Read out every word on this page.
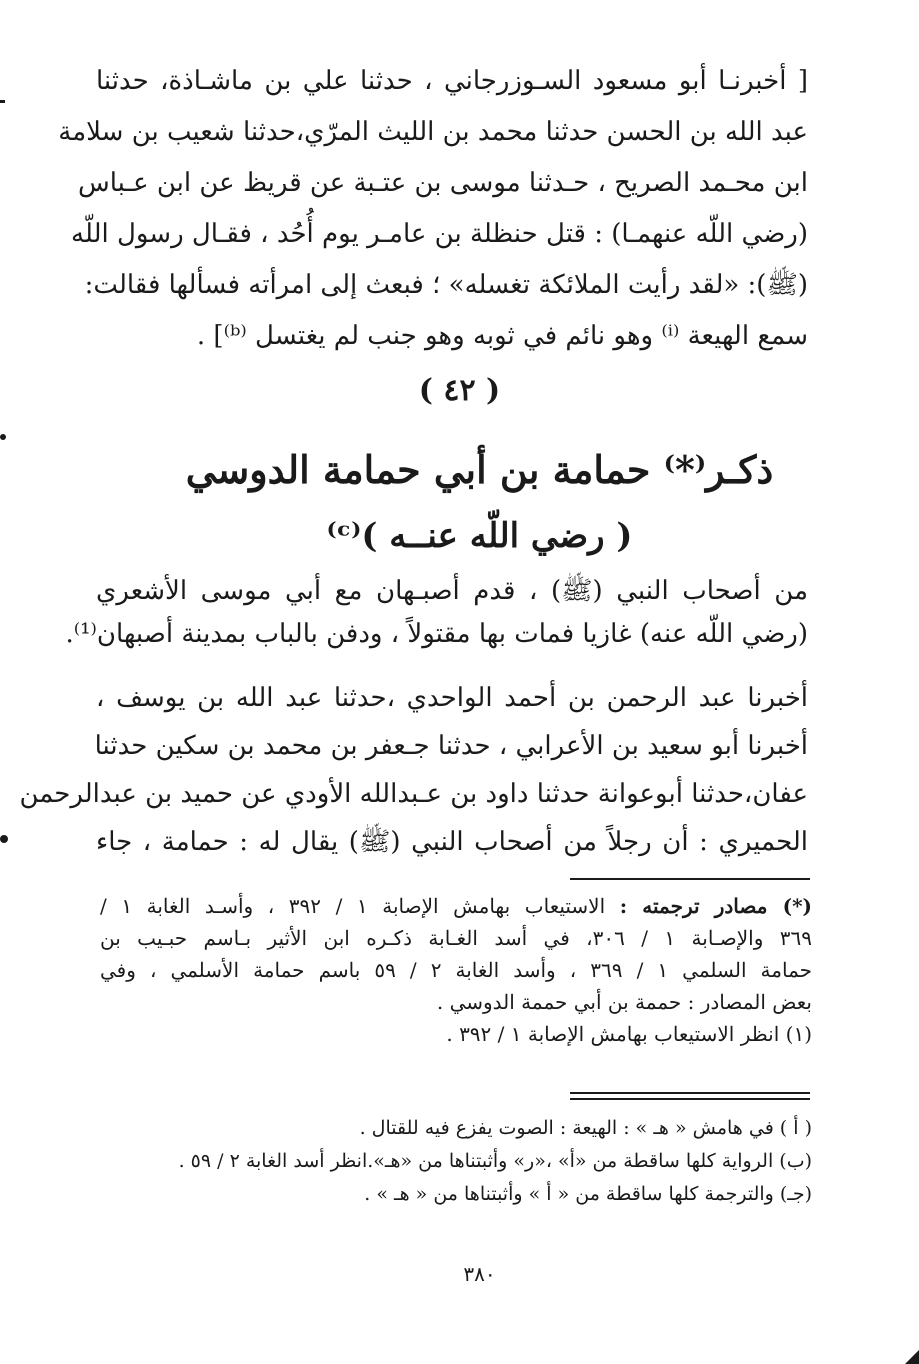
[ أخبرنـا أبو مسعود السـوزرجاني ، حدثنا علي بن ماشـاذة، حدثنا
عبد الله بن الحسن حدثنا محمد بن الليث المرّي،حدثنا شعيب بن سلامة
ابن محـمد الصريح ، حـدثنا موسى بن عتـبة عن قريظ عن ابن عـباس
(رضي اللّه عنهمـا) : قتل حنظلة بن عامـر يوم أُحُد ، فقـال رسول اللّه
(ﷺ): «لقد رأيت الملائكة تغسله» ؛ فبعث إلى امرأته فسألها فقالت:
سمع الهيعة ⁽ⁱ⁾ وهو نائم في ثوبه وهو جنب لم يغتسل ⁽ᵇ⁾] .
( ٤٢ )
ذكـر⁽*⁾ حمامة بن أبي حمامة الدوسي
( رضي اللّه عنــه )⁽ᶜ⁾
من أصحاب النبي (ﷺ) ، قدم أصبـهان مع أبي موسى الأشعري
(رضي اللّه عنه) غازيا فمات بها مقتولاً ، ودفن بالباب بمدينة أصبهان⁽¹⁾.
أخبرنا عبد الرحمن بن أحمد الواحدي ،حدثنا عبد الله بن يوسف ،
أخبرنا أبو سعيد بن الأعرابي ، حدثنا جـعفر بن محمد بن سكين حدثنا
عفان،حدثنا أبوعوانة حدثنا داود بن عـبدالله الأودي عن حميد بن عبدالرحمن
الحميري : أن رجلاً من أصحاب النبي (ﷺ) يقال له : حمامة ، جاء
(*) مصادر ترجمته : الاستيعاب بهامش الإصابة ١ / ٣٩٢ ، وأسـد الغابة ١ /
٣٦٩ والإصـابة ١ / ٣٠٦، في أسد الغـابة ذكـره ابن الأثير بـاسم حبـيب بن
حمامة السلمي ١ / ٣٦٩ ، وأسد الغابة ٢ / ٥٩ باسم حمامة الأسلمي ، وفي
بعض المصادر : حممة بن أبي حممة الدوسي .
(١) انظر الاستيعاب بهامش الإصابة ١ / ٣٩٢ .
( أ ) في هامش « هـ » : الهيعة : الصوت يفزع فيه للقتال .
(ب) الرواية كلها ساقطة من «أ» ،«ر» وأثبتناها من «هـ».انظر أسد الغابة ٢ / ٥٩ .
(جـ) والترجمة كلها ساقطة من « أ » وأثبتناها من « هـ » .
٣٨٠
